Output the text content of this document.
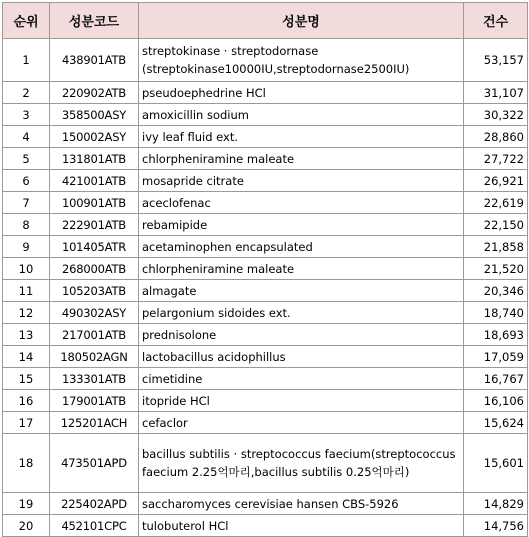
순위	성분코드	성분명	건수
1	438901ATB	streptokinase · streptodornase (streptokinase10000IU,streptodornase2500IU)	53,157
2	220902ATB	pseudoephedrine HCl	31,107
3	358500ASY	amoxicillin sodium	30,322
4	150002ASY	ivy leaf fluid ext.	28,860
5	131801ATB	chlorpheniramine maleate	27,722
6	421001ATB	mosapride citrate	26,921
7	100901ATB	aceclofenac	22,619
8	222901ATB	rebamipide	22,150
9	101405ATR	acetaminophen encapsulated	21,858
10	268000ATB	chlorpheniramine maleate	21,520
11	105203ATB	almagate	20,346
12	490302ASY	pelargonium sidoides ext.	18,740
13	217001ATB	prednisolone	18,693
14	180502AGN	lactobacillus acidophillus	17,059
15	133301ATB	cimetidine	16,767
16	179001ATB	itopride HCl	16,106
17	125201ACH	cefaclor	15,624
18	473501APD	bacillus subtilis · streptococcus faecium(streptococcus faecium 2.25억마리,bacillus subtilis 0.25억마리)	15,601
19	225402APD	saccharomyces cerevisiae hansen CBS-5926	14,829
20	452101CPC	tulobuterol HCl	14,756
